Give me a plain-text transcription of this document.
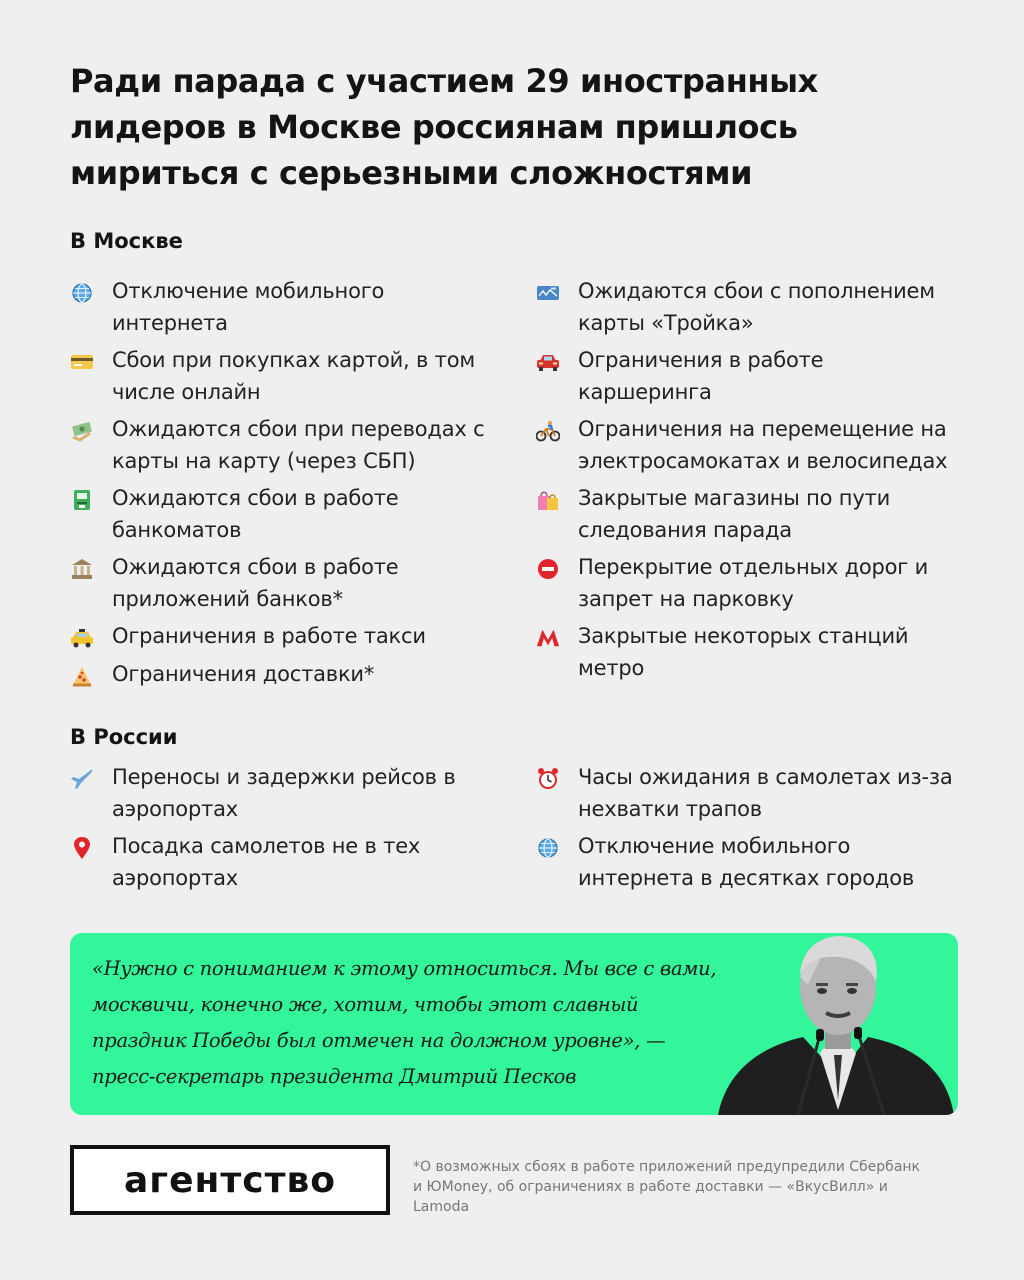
Ради парада с участием 29 иностранных лидеров в Москве россиянам пришлось мириться с серьезными сложностями
В Москве
Отключение мобильного интернета
Сбои при покупках картой, в том числе онлайн
Ожидаются сбои при переводах с карты на карту (через СБП)
Ожидаются сбои в работе банкоматов
Ожидаются сбои в работе приложений банков*
Ограничения в работе такси
Ограничения доставки*
Ожидаются сбои с пополнением карты «Тройка»
Ограничения в работе каршеринга
Ограничения на перемещение на электросамокатах и велосипедах
Закрытые магазины по пути следования парада
Перекрытие отдельных дорог и запрет на парковку
Закрытые некоторых станций метро
В России
Переносы и задержки рейсов в аэропортах
Посадка самолетов не в тех аэропортах
Часы ожидания в самолетах из-за нехватки трапов
Отключение мобильного интернета в десятках городов

«Нужно с пониманием к этому относиться. Мы все с вами,
москвичи, конечно же, хотим, чтобы этот славный
праздник Победы был отмечен на должном уровне», —
пресс-секретарь президента Дмитрий Песков

агентство	*О возможных сбоях в работе приложений предупредили Сбербанк и ЮMoney, об ограничениях в работе доставки — «ВкусВилл» и Lamoda
